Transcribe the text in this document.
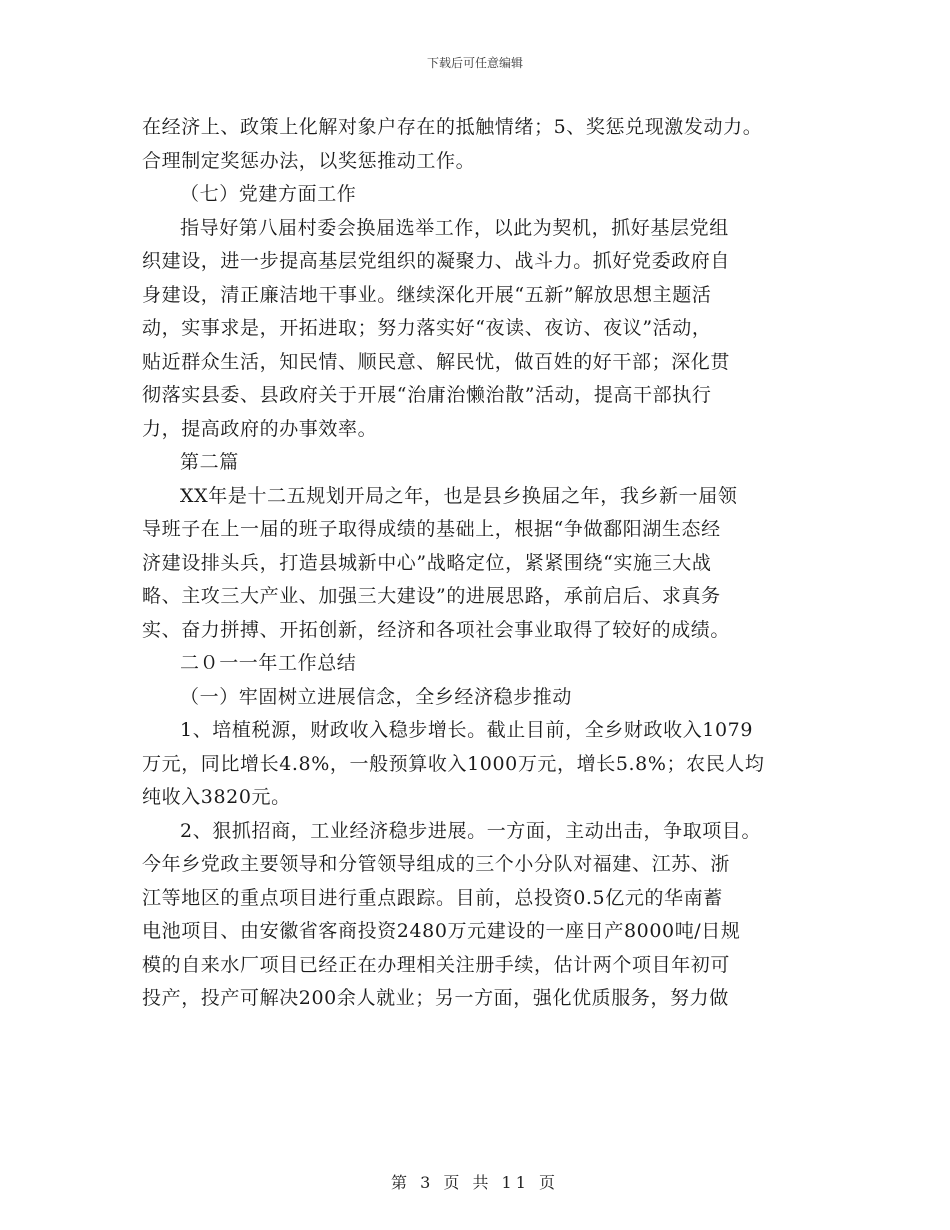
下载后可任意编辑
在经济上、政策上化解对象户存在的抵触情绪；5、奖惩兑现激发动力。
合理制定奖惩办法，以奖惩推动工作。
（七）党建方面工作
指导好第八届村委会换届选举工作，以此为契机，抓好基层党组
织建设，进一步提高基层党组织的凝聚力、战斗力。抓好党委政府自
身建设，清正廉洁地干事业。继续深化开展“五新”解放思想主题活
动，实事求是，开拓进取；努力落实好“夜读、夜访、夜议”活动，
贴近群众生活，知民情、顺民意、解民忧，做百姓的好干部；深化贯
彻落实县委、县政府关于开展“治庸治懒治散”活动，提高干部执行
力，提高政府的办事效率。
第二篇
XX年是十二五规划开局之年，也是县乡换届之年，我乡新一届领
导班子在上一届的班子取得成绩的基础上，根据“争做鄱阳湖生态经
济建设排头兵，打造县城新中心”战略定位，紧紧围绕“实施三大战
略、主攻三大产业、加强三大建设”的进展思路，承前启后、求真务
实、奋力拼搏、开拓创新，经济和各项社会事业取得了较好的成绩。
二０一一年工作总结
（一）牢固树立进展信念，全乡经济稳步推动
1、培植税源，财政收入稳步增长。截止目前，全乡财政收入1079
万元，同比增长4.8%，一般预算收入1000万元，增长5.8%；农民人均
纯收入3820元。
2、狠抓招商，工业经济稳步进展。一方面，主动出击，争取项目。
今年乡党政主要领导和分管领导组成的三个小分队对福建、江苏、浙
江等地区的重点项目进行重点跟踪。目前，总投资0.5亿元的华南蓄
电池项目、由安徽省客商投资2480万元建设的一座日产8000吨/日规
模的自来水厂项目已经正在办理相关注册手续，估计两个项目年初可
投产，投产可解决200余人就业；另一方面，强化优质服务，努力做
第 3 页 共 11 页
